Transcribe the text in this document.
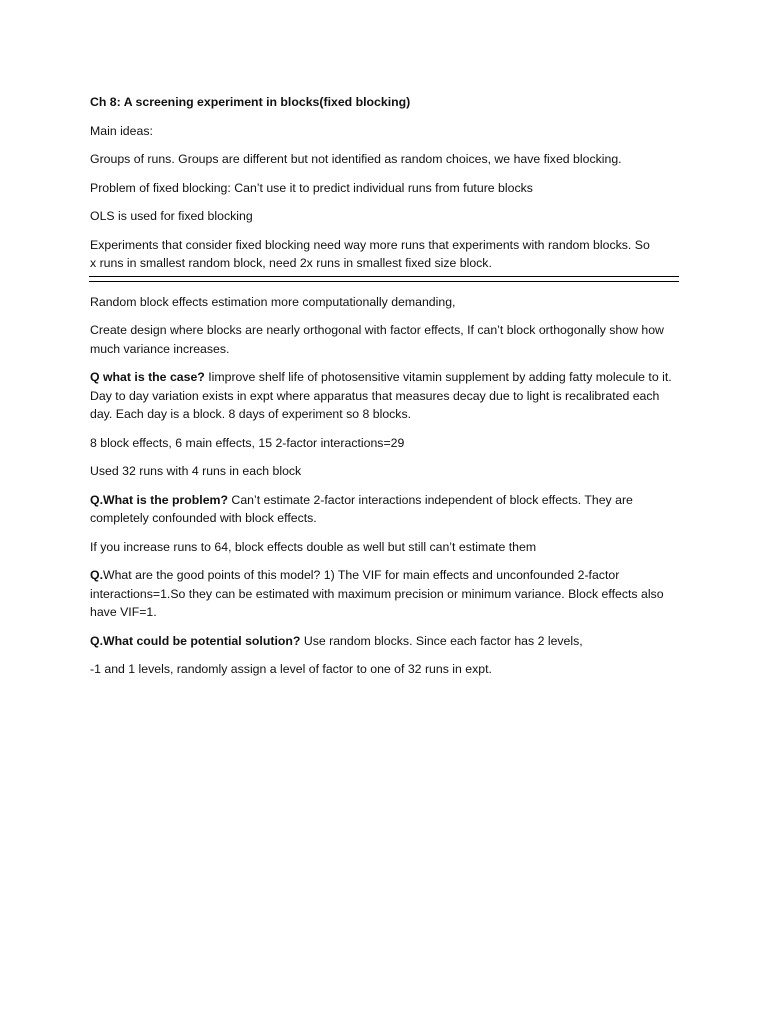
Ch 8: A screening experiment in blocks(fixed blocking)

Main ideas:

Groups of runs. Groups are different but not identified as random choices, we have fixed blocking.

Problem of fixed blocking: Can’t use it to predict individual runs from future blocks

OLS is used for fixed blocking

Experiments that consider fixed blocking need way more runs that experiments with random blocks. So
x runs in smallest random block, need 2x runs in smallest fixed size block.

Random block effects estimation more computationally demanding,

Create design where blocks are nearly orthogonal with factor effects, If can’t block orthogonally show how much variance increases.

Q what is the case? Iimprove shelf life of photosensitive vitamin supplement by adding fatty molecule to it. Day to day variation exists in expt where apparatus that measures decay due to light is recalibrated each day. Each day is a block. 8 days of experiment so 8 blocks.

8 block effects, 6 main effects, 15 2-factor interactions=29

Used 32 runs with 4 runs in each block

Q.What is the problem? Can’t estimate 2-factor interactions independent of block effects. They are completely confounded with block effects.

If you increase runs to 64, block effects double as well but still can’t estimate them

Q.What are the good points of this model? 1) The VIF for main effects and unconfounded 2-factor interactions=1.So they can be estimated with maximum precision or minimum variance. Block effects also have VIF=1.

Q.What could be potential solution? Use random blocks. Since each factor has 2 levels,

-1 and 1 levels, randomly assign a level of factor to one of 32 runs in expt.
